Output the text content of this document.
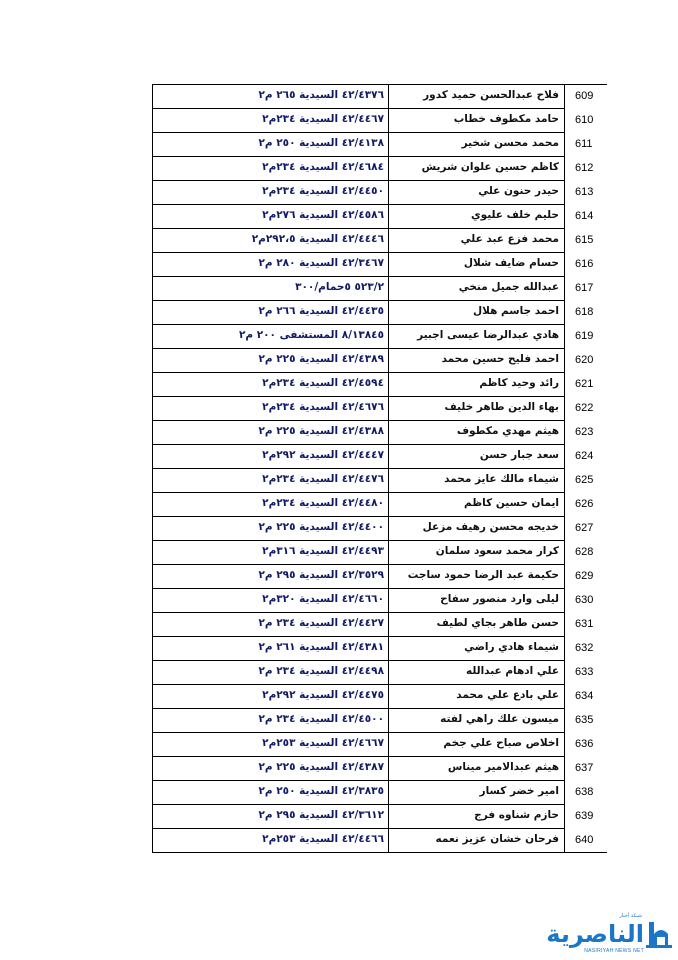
٤٢/٤٣٧٦ السيدية ٢٦٥ م٢	فلاح عبدالحسن حميد كدور 609
٤٢/٤٤٦٧ السيدية ٢٣٤م٢	حامد مكطوف خطاب 610
٤٢/٤١٣٨ السيدية ٢٥٠ م٢	محمد محسن شخير 611
٤٢/٤٦٨٤ السيدية ٢٣٤م٢	كاظم حسين علوان شريش 612
٤٢/٤٤٥٠ السيدية ٢٣٤م٢	حيدر حنون علي 613
٤٢/٤٥٨٦ السيدية ٢٧٦م٢	حليم خلف عليوي 614
٤٢/٤٤٤٦ السيدية ٢٩٢،٥م٢	محمد فزع عبد علي 615
٤٢/٣٤٦٧ السيدية ٢٨٠ م٢	حسام ضايف شلال 616
٥٢٣/٢ ٥حمام/٣٠٠	عبدالله جميل منخي 617
٤٢/٤٤٣٥ السيدية ٢٦٦ م٢	احمد جاسم هلال 618
٨/١٣٨٤٥ المستشفى ٢٠٠ م٢	هادي عبدالرضا عيسى اجبير 619
٤٢/٤٣٨٩ السيدية ٢٢٥ م٢	احمد فليح حسين محمد 620
٤٢/٤٥٩٤ السيدية ٢٣٤م٢	رائد وحيد كاظم 621
٤٢/٤٦٧٦ السيدية ٢٣٤م٢	بهاء الدين طاهر خليف 622
٤٢/٤٣٨٨ السيدية ٢٢٥ م٢	هيثم مهدي مكطوف 623
٤٢/٤٤٤٧ السيدية ٢٩٢م٢	سعد جبار حسن 624
٤٢/٤٤٧٦ السيدية ٢٣٤م٢	شيماء مالك عايز محمد 625
٤٢/٤٤٨٠ السيدية ٢٣٤م٢	ايمان حسين كاظم 626
٤٢/٤٤٠٠ السيدية ٢٢٥ م٢	خديجه محسن رهيف مزعل 627
٤٢/٤٤٩٣ السيدية ٣١٦م٢	كرار محمد سعود سلمان 628
٤٢/٣٥٢٩ السيدية ٢٩٥ م٢ حكيمة عبد الرضا حمود ساجت 629
٤٢/٤٦٦٠ السيدية ٣٢٠م٢	ليلى وارد منصور سفاح 630
٤٢/٤٤٢٧ السيدية ٢٣٤ م٢	حسن طاهر بجاي لطيف 631
٤٢/٤٣٨١ السيدية ٢٦١ م٢	شيماء هادي راضي 632
٤٢/٤٤٩٨ السيدية ٢٣٤ م٢	علي ادهام عبدالله 633
٤٢/٤٤٧٥ السيدية ٢٩٢م٢	علي بادع علي محمد 634
٤٢/٤٥٠٠ السيدية ٢٣٤ م٢	ميسون علك راهي لفته 635
٤٢/٤٦٦٧ السيدية ٢٥٣م٢	اخلاص صباح علي جخم 636
٤٢/٤٣٨٧ السيدية ٢٢٥ م٢	هيثم عبدالامير ميناس 637
٤٢/٣٨٣٥ السيدية ٢٥٠ م٢	امير خضر كسار 638
٤٢/٣٦١٢ السيدية ٢٩٥ م٢	حازم شناوه فرج 639
٤٢/٤٤٦٦ السيدية ٢٥٣م٢	فرحان خشان عزيز نعمه 640
شبكة أخبار
الناصرية
NASIRIYAH NEWS NET
